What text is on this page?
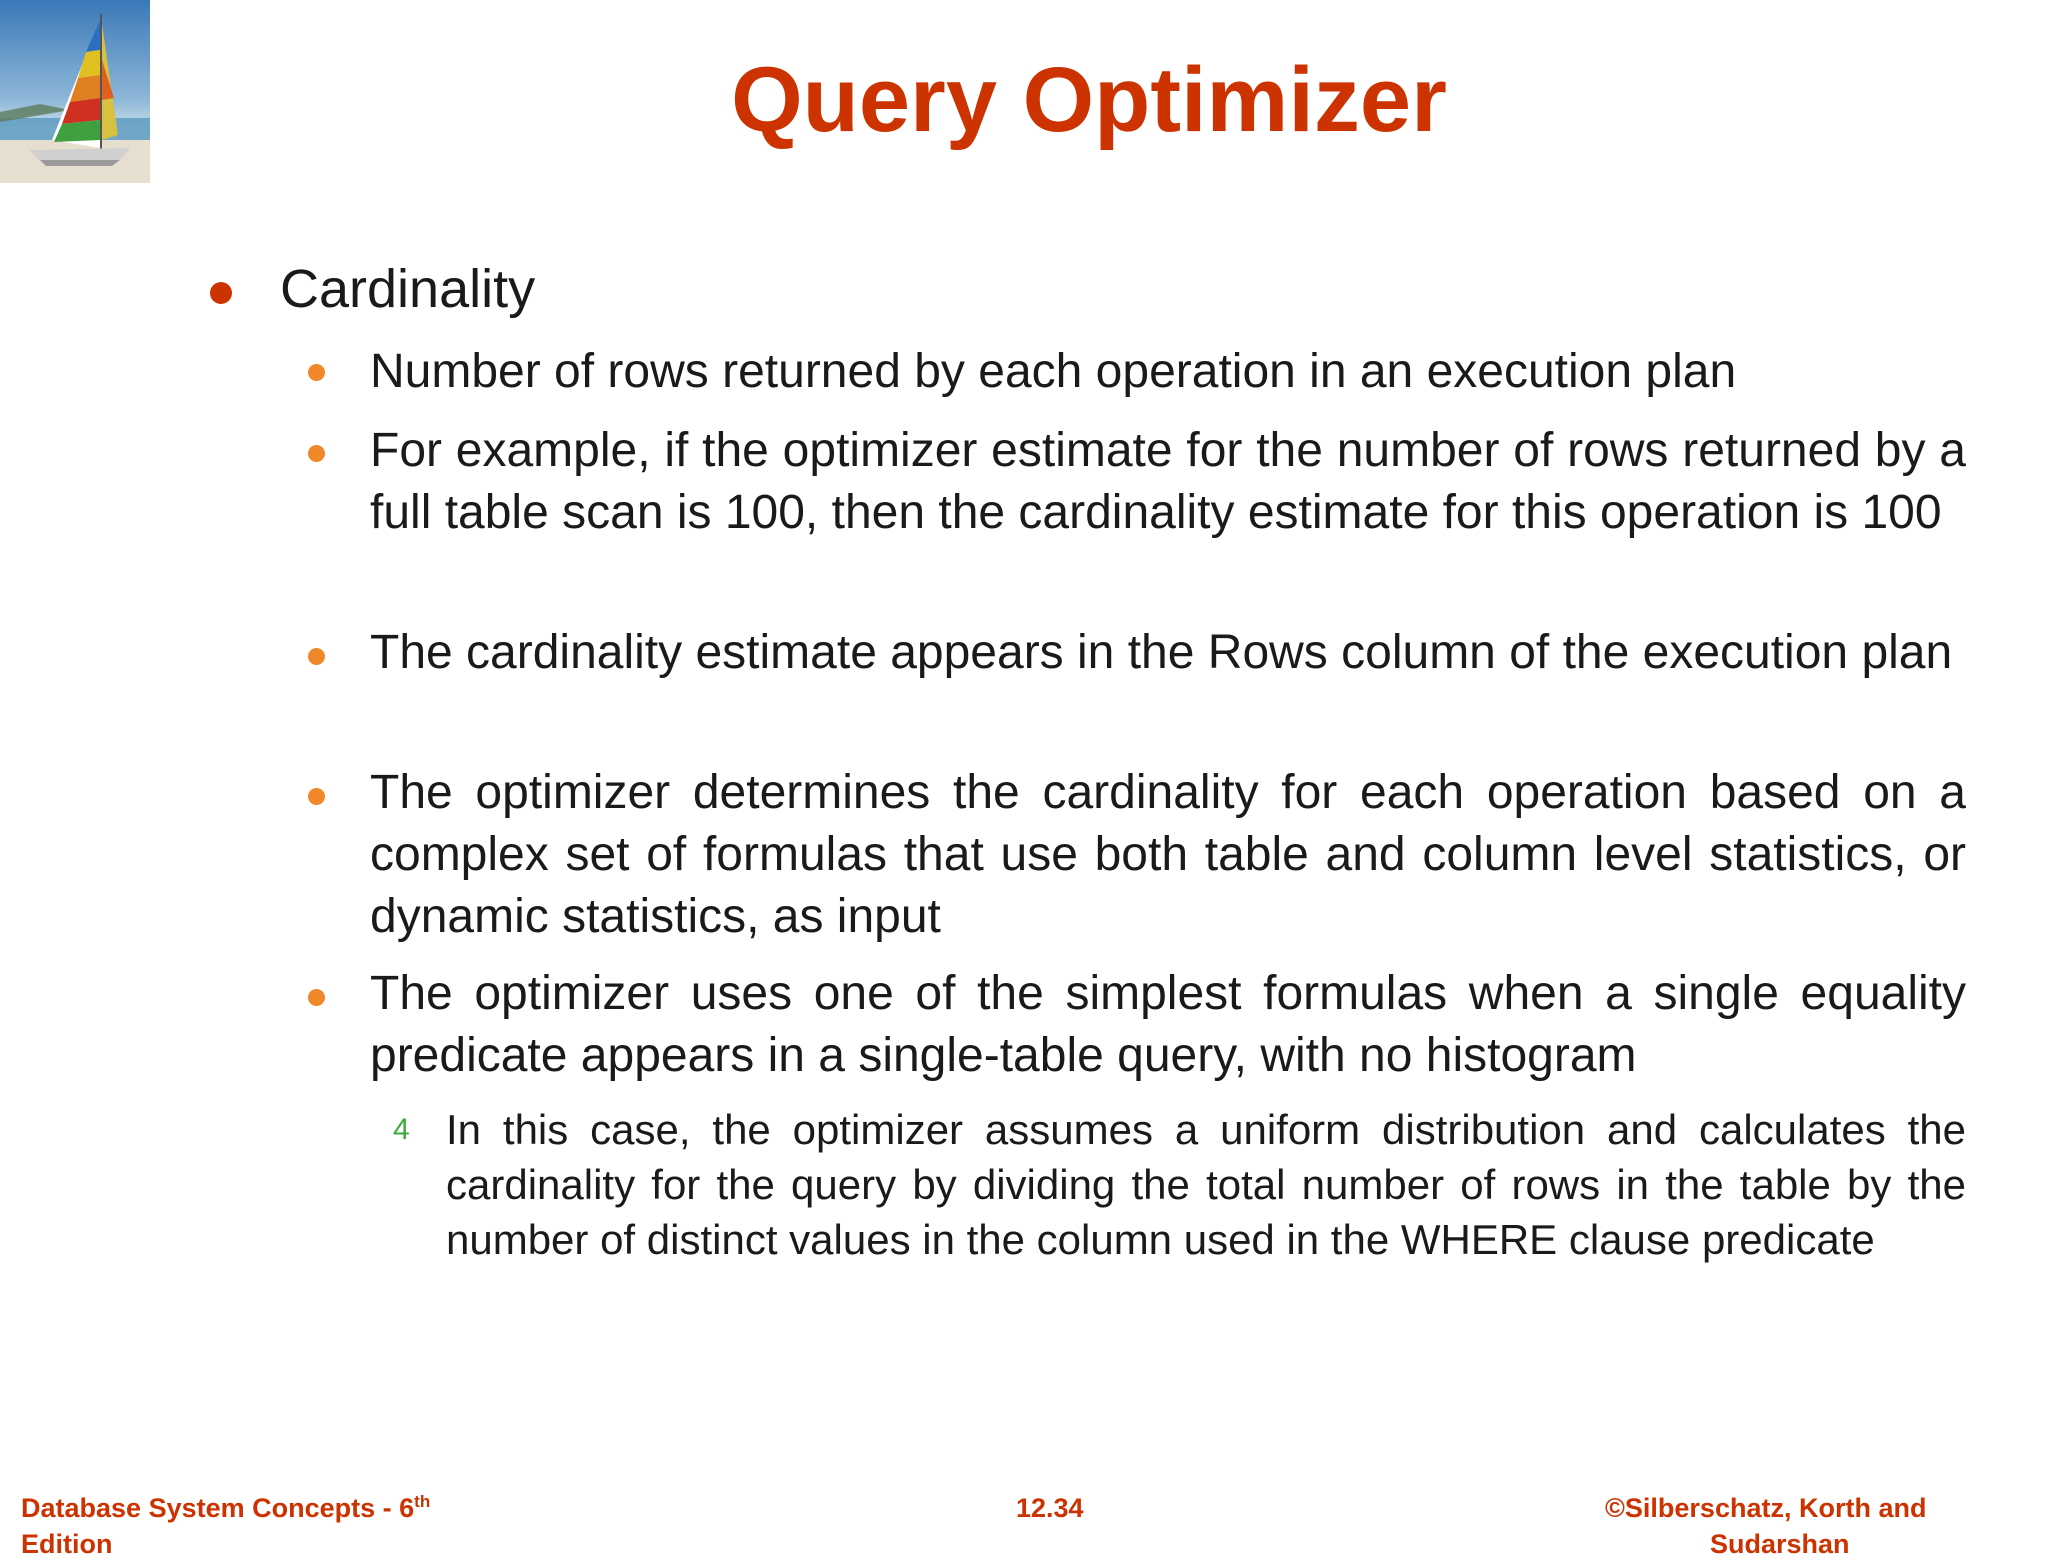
Query Optimizer
Cardinality
Number of rows returned by each operation in an execution plan
For example, if the optimizer estimate for the number of rows returned by a full table scan is 100, then the cardinality estimate for this operation is 100
The cardinality estimate appears in the Rows column of the execution plan
The optimizer determines the cardinality for each operation based on a complex set of formulas that use both table and column level statistics, or dynamic statistics, as input
The optimizer uses one of the simplest formulas when a single equality predicate appears in a single-table query, with no histogram
4 In this case, the optimizer assumes a uniform distribution and calculates the cardinality for the query by dividing the total number of rows in the table by the number of distinct values in the column used in the WHERE clause predicate
Database System Concepts - 6th
Edition
12.34	©Silberschatz, Korth and
Sudarshan
